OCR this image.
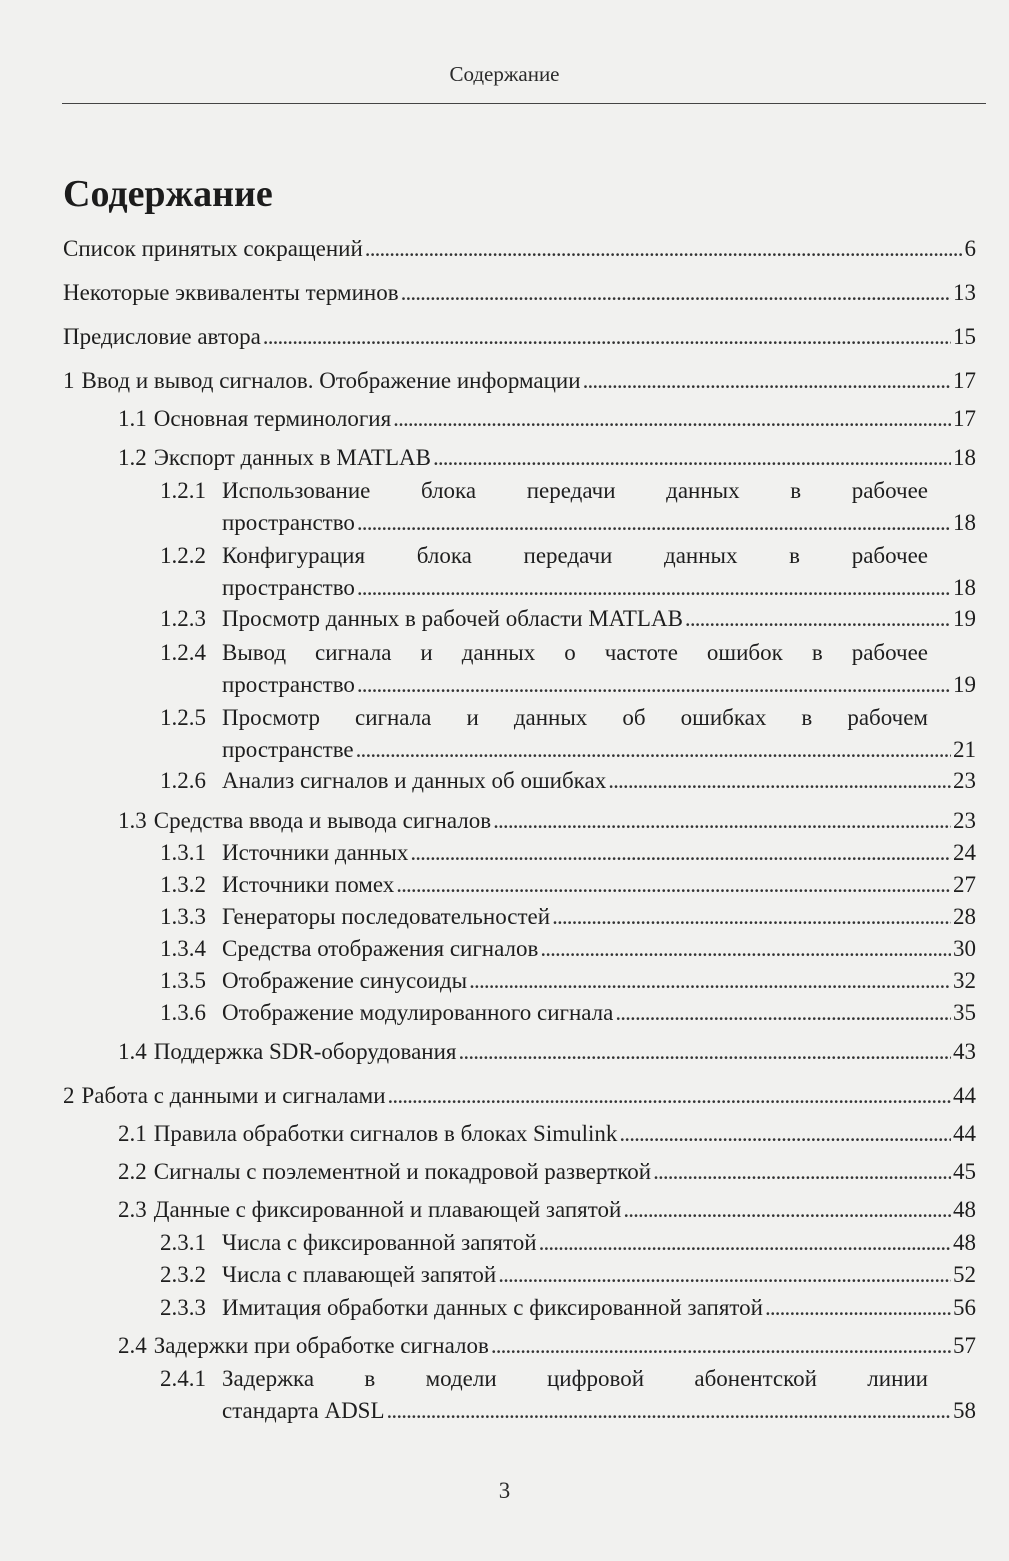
Содержание
Содержание
Список принятых сокращений . . .	6
Некоторые эквиваленты терминов . . .	13
Предисловие автора . . .	15
1 Ввод и вывод сигналов. Отображение информации . . .	17
1.1 Основная терминология . . .	17
1.2 Экспорт данных в MATLAB . . .	18
1.2.1 Использование блока передачи данных в рабочее
пространство . . .	18
1.2.2 Конфигурация блока передачи данных в рабочее
пространство . . .	18
1.2.3 Просмотр данных в рабочей области MATLAB . . .	19
1.2.4 Вывод сигнала и данных о частоте ошибок в рабочее
пространство . . .	19
1.2.5 Просмотр сигнала и данных об ошибках в рабочем
пространстве . . .	21
1.2.6 Анализ сигналов и данных об ошибках . . .	23
1.3 Средства ввода и вывода сигналов . . .	23
1.3.1 Источники данных . . .	24
1.3.2 Источники помех . . .	27
1.3.3 Генераторы последовательностей . . .	28
1.3.4 Средства отображения сигналов . . .	30
1.3.5 Отображение синусоиды . . .	32
1.3.6 Отображение модулированного сигнала . . .	35
1.4 Поддержка SDR-оборудования . . .	43
2 Работа с данными и сигналами . . .	44
2.1 Правила обработки сигналов в блоках Simulink . . .	44
2.2 Сигналы с поэлементной и покадровой разверткой . . .	45
2.3 Данные с фиксированной и плавающей запятой . . .	48
2.3.1 Числа с фиксированной запятой . . .	48
2.3.2 Числа с плавающей запятой . . .	52
2.3.3 Имитация обработки данных с фиксированной запятой . . .	56
2.4 Задержки при обработке сигналов . . .	57
2.4.1 Задержка в модели цифровой абонентской линии
стандарта ADSL . . .	58
3
